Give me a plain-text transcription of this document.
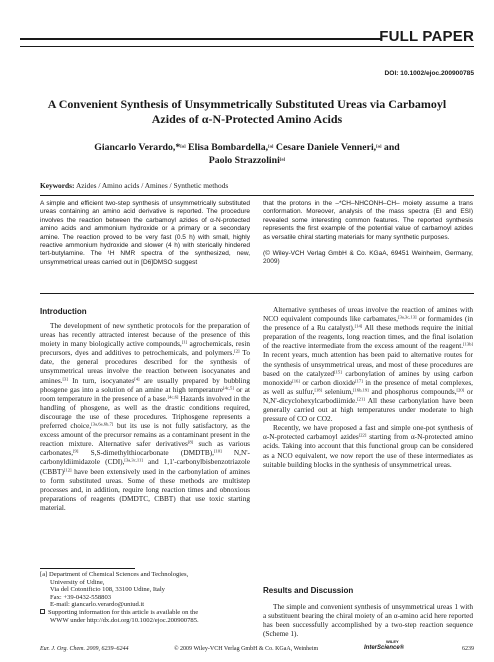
FULL PAPER
DOI: 10.1002/ejoc.200900785
A Convenient Synthesis of Unsymmetrically Substituted Ureas via Carbamoyl
Azides of α-N-Protected Amino Acids
Giancarlo Verardo,*[a] Elisa Bombardella,[a] Cesare Daniele Venneri,[a] and
Paolo Strazzolini[a]
Keywords: Azides / Amino acids / Amines / Synthetic methods
A simple and efficient two-step synthesis of unsymmetrically substituted ureas containing an amino acid derivative is reported. The procedure involves the reaction between the carbamoyl azides of α-N-protected amino acids and ammonium hydroxide or a primary or a secondary amine. The reaction proved to be very fast (0.5 h) with small, highly reactive ammonium hydroxide and slower (4 h) with sterically hindered tert-butylamine. The ¹H NMR spectra of the synthesized, new, unsymmetrical ureas carried out in [D6]DMSO suggest
that the protons in the –*CH–NHCONH–CH– moiety assume a trans conformation. Moreover, analysis of the mass spectra (EI and ESI) revealed some interesting common features. The reported synthesis represents the first example of the potential value of carbamoyl azides as versatile chiral starting materials for many synthetic purposes.
(© Wiley-VCH Verlag GmbH & Co. KGaA, 69451 Weinheim, Germany, 2009)
Introduction

The development of new synthetic protocols for the preparation of ureas has recently attracted interest because of the presence of this moiety in many biologically active compounds,[1] agrochemicals, resin precursors, dyes and additives to petrochemicals, and polymers.[2] To date, the general procedures described for the synthesis of unsymmetrical ureas involve the reaction between isocyanates and amines.[3] In turn, isocyanates[4] are usually prepared by bubbling phosgene gas into a solution of an amine at high temperature[4c,5] or at room temperature in the presence of a base.[4c,6] Hazards involved in the handling of phosgene, as well as the drastic conditions required, discourage the use of these procedures. Triphosgene represents a preferred choice,[3a,6a,6b,7] but its use is not fully satisfactory, as the excess amount of the precursor remains as a contaminant present in the reaction mixture. Alternative safer derivatives[8] such as various carbonates,[9] S,S-dimethylthiocarbonate (DMDTB),[10] N,N'-carbonyldiimidazole (CDI),[3a,3c,11] and 1,1'-carbonylbisbenzotriazole (CBBT)[12] have been extensively used in the carbonylation of amines to form substituted ureas. Some of these methods are multistep processes and, in addition, require long reaction times and obnoxious preparations of reagents (DMDTC, CBBT) that use toxic starting material.

Alternative syntheses of ureas involve the reaction of amines with NCO equivalent compounds like carbamates,[3a,3c,13] or formamides (in the presence of a Ru catalyst).[14] All these methods require the initial preparation of the reagents, long reaction times, and the final isolation of the reactive intermediate from the excess amount of the reagent.[13b] In recent years, much attention has been paid to alternative routes for the synthesis of unsymmetrical ureas, and most of these procedures are based on the catalyzed[15] carbonylation of amines by using carbon monoxide[16] or carbon dioxide[17] in the presence of metal complexes, as well as sulfur,[18] selenium,[16b,19] and phosphorus compounds,[20] or N,N'-dicyclohexylcarbodiimide.[21] All these carbonylation have been generally carried out at high temperatures under moderate to high pressure of CO or CO2.

Recently, we have proposed a fast and simple one-pot synthesis of α-N-protected carbamoyl azides[22] starting from α-N-protected amino acids. Taking into account that this functional group can be considered as a NCO equivalent, we now report the use of these intermediates as suitable building blocks in the synthesis of unsymmetrical ureas.

[a] Department of Chemical Sciences and Technologies,
University of Udine,
Via del Cotonificio 108, 33100 Udine, Italy
Fax: +39-0432-558803
E-mail: giancarlo.verardo@uniud.it
Supporting information for this article is available on the
WWW under http://dx.doi.org/10.1002/ejoc.200900785.
Results and Discussion
The simple and convenient synthesis of unsymmetrical ureas 1 with a substituent bearing the chiral moiety of an α-amino acid here reported has been successfully accomplished by a two-step reaction sequence (Scheme 1).
Eur. J. Org. Chem. 2009, 6239–6244	© 2009 Wiley-VCH Verlag GmbH & Co. KGaA, Weinheim
WILEY
InterScience®	6239
